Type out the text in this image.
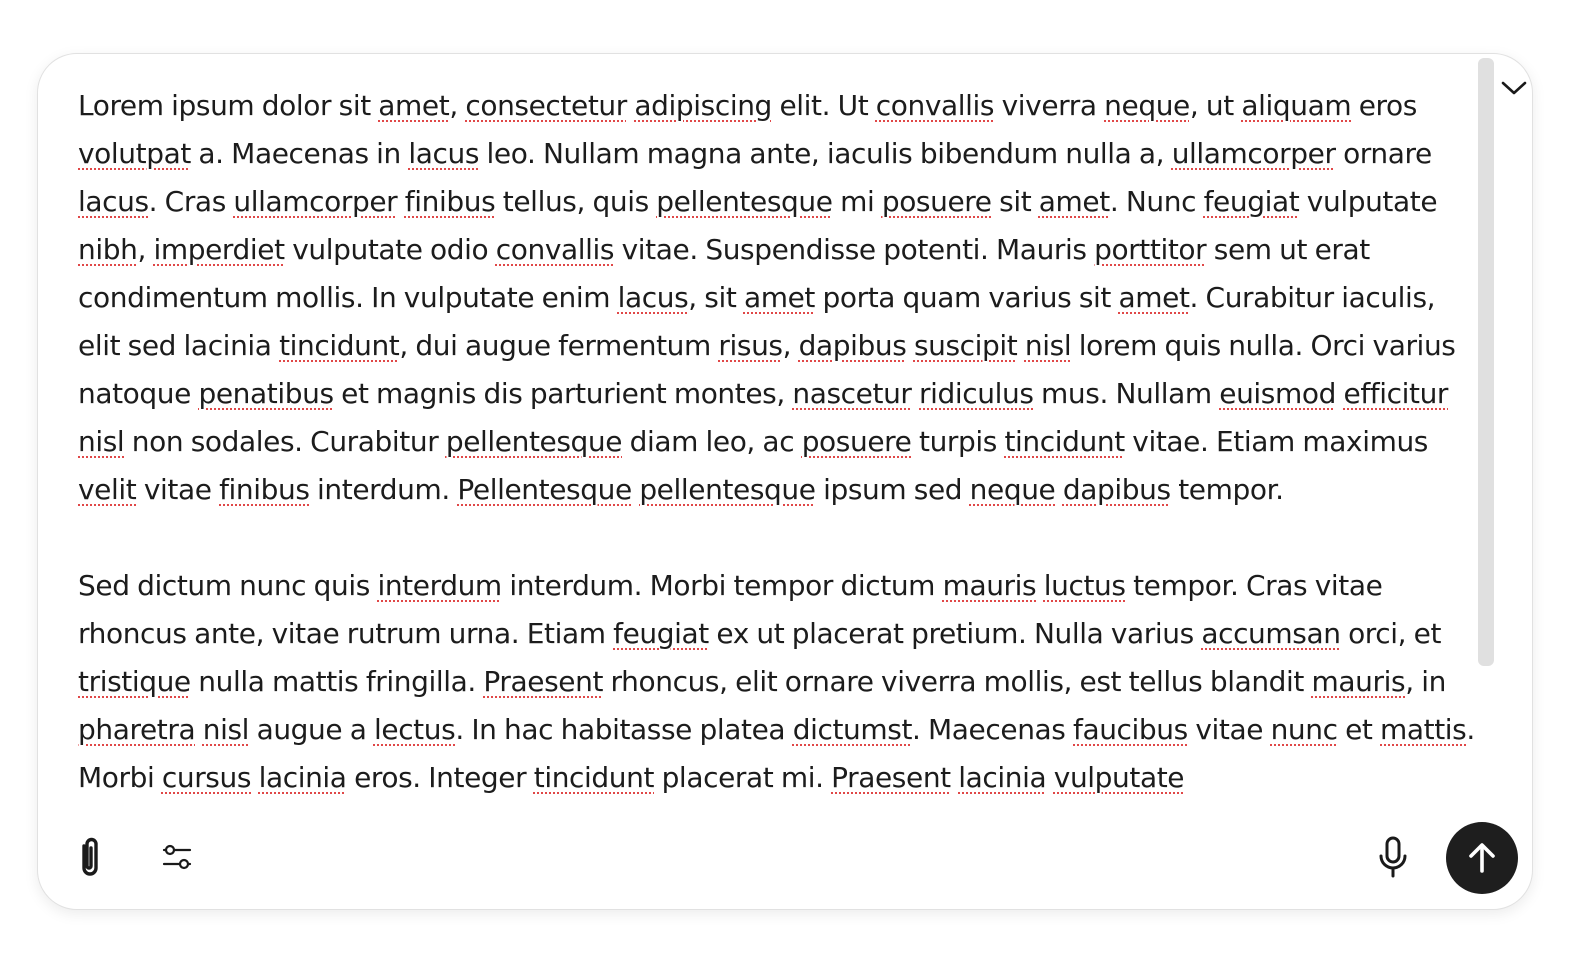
Lorem ipsum dolor sit amet, consectetur adipiscing elit. Ut convallis viverra neque, ut aliquam eros volutpat a. Maecenas in lacus leo. Nullam magna ante, iaculis bibendum nulla a, ullamcorper ornare lacus. Cras ullamcorper finibus tellus, quis pellentesque mi posuere sit amet. Nunc feugiat vulputate nibh, imperdiet vulputate odio convallis vitae. Suspendisse potenti. Mauris porttitor sem ut erat condimentum mollis. In vulputate enim lacus, sit amet porta quam varius sit amet. Curabitur iaculis, elit sed lacinia tincidunt, dui augue fermentum risus, dapibus suscipit nisl lorem quis nulla. Orci varius natoque penatibus et magnis dis parturient montes, nascetur ridiculus mus. Nullam euismod efficitur nisl non sodales. Curabitur pellentesque diam leo, ac posuere turpis tincidunt vitae. Etiam maximus velit vitae finibus interdum. Pellentesque pellentesque ipsum sed neque dapibus tempor.

Sed dictum nunc quis interdum interdum. Morbi tempor dictum mauris luctus tempor. Cras vitae rhoncus ante, vitae rutrum urna. Etiam feugiat ex ut placerat pretium. Nulla varius accumsan orci, et tristique nulla mattis fringilla. Praesent rhoncus, elit ornare viverra mollis, est tellus blandit mauris, in pharetra nisl augue a lectus. In hac habitasse platea dictumst. Maecenas faucibus vitae nunc et mattis. Morbi cursus lacinia eros. Integer tincidunt placerat mi. Praesent lacinia vulputate
